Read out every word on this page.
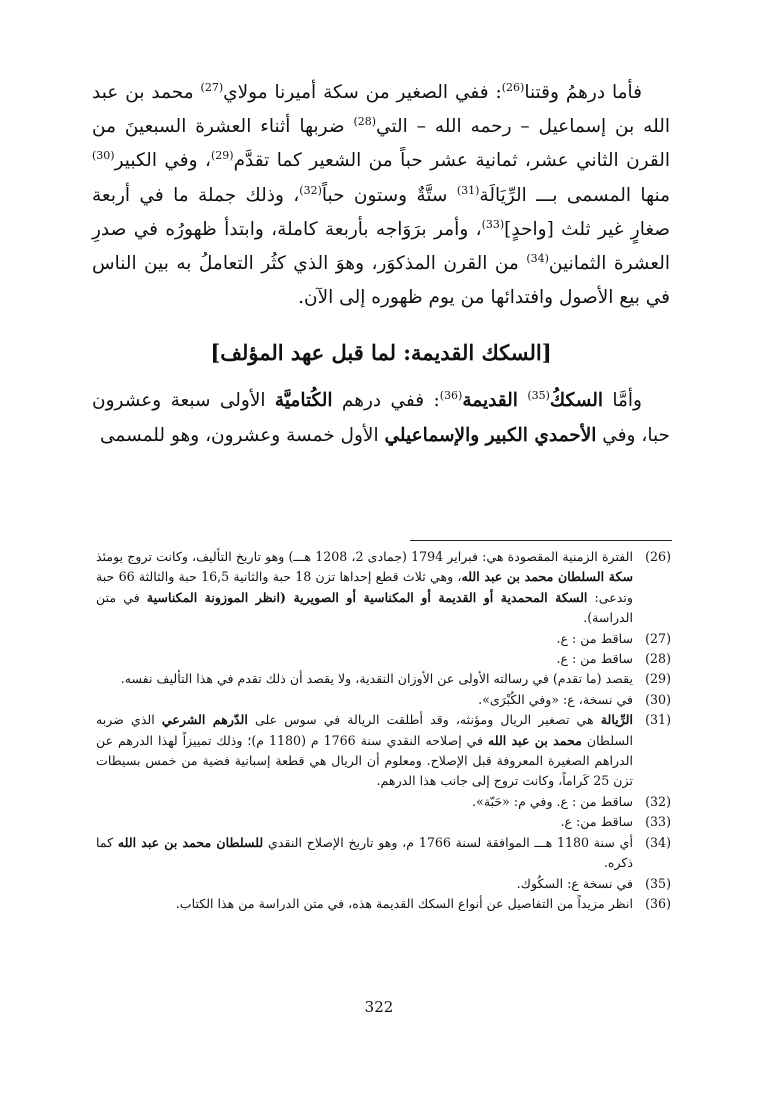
فأما درهمُ وقتنا$^{(26)}$: ففي الصغير من سكة أميرنا مولاي$^{(27)}$ محمد بن عبد الله بن إسماعيل – رحمه الله – التي$^{(28)}$ ضربها أثناء العشرة السبعينَ من القرن الثاني عشر، ثمانية عشر حباً من الشعير كما تقدَّم$^{(29)}$، وفي الكبير$^{(30)}$ منها المسمى بـــ الرِّيَالَة$^{(31)}$ ستَّةٌ وستون حباً$^{(32)}$، وذلك جملة ما في أربعة صغارٍ غير ثلث [واحدٍ]$^{(33)}$، وأمر برَوَاجه بأربعة كاملة، وابتدأ ظهورُه في صدرِ العشرة الثمانين$^{(34)}$ من القرن المذكوَر، وهوَ الذي كثُر التعاملُ به بين الناس في بيع الأصول وافتدائها من يوم ظهوره إلى الآن.

[السكك القديمة: لما قبل عهد المؤلف]

وأمَّا السككُ$^{(35)}$ القديمة$^{(36)}$: ففي درهم الكُتاميَّة الأولى سبعة وعشرون حبا، وفي الأحمدي الكبير والإسماعيلي الأول خمسة وعشرون، وهو للمسمى

(26)
الفترة الزمنية المقصودة هي: فبراير 1794 (جمادى 2، 1208 هـــ) وهو تاريخ التأليف، وكانت تروج يومئذ سكة السلطان محمد بن عبد الله، وهي ثلاث قطع إحداها تزن 18 حبة والثانية 16,5 حبة والثالثة 66 حبة وتدعى: السكة المحمدية أو القديمة أو المكناسية أو الصويرية (انظر الموزونة المكناسية في متن الدراسة).
(27)
ساقط من : ع.
(28)
ساقط من : ع.
(29)
يقصد (ما تقدم) في رسالته الأولى عن الأوزان النقدية، ولا يقصد أن ذلك تقدم في هذا التأليف نفسه.
(30)
في نسخة، ع: «وفي الكُبْرَى».
(31)
الرِّيالة هي تصغير الريال ومؤنثه، وقد أطلقت الريالة في سوس على الدّرهم الشرعي الذي ضربه السلطان محمد بن عبد الله في إصلاحه النقدي سنة 1766 م (1180 م)؛ وذلك تمييزاً لهذا الدرهم عن الدراهم الصغيرة المعروفة قبل الإصلاح. ومعلوم أن الريال هي قطعة إسبانية فضية من خمس بسيطات تزن 25 كَراماً، وكانت تروج إلى جانب هذا الدرهم.
(32)
ساقط من : ع. وفي م: «حَبّة».
(33)
ساقط من: ع.
(34)
أي سنة 1180 هـــ الموافقة لسنة 1766 م، وهو تاريخ الإصلاح النقدي للسلطان محمد بن عبد الله كما ذكره.
(35)
في نسخة ع: السكُوك.
(36)
انظر مزيداً من التفاصيل عن أنواع السكك القديمة هذه، في متن الدراسة من هذا الكتاب.
322
